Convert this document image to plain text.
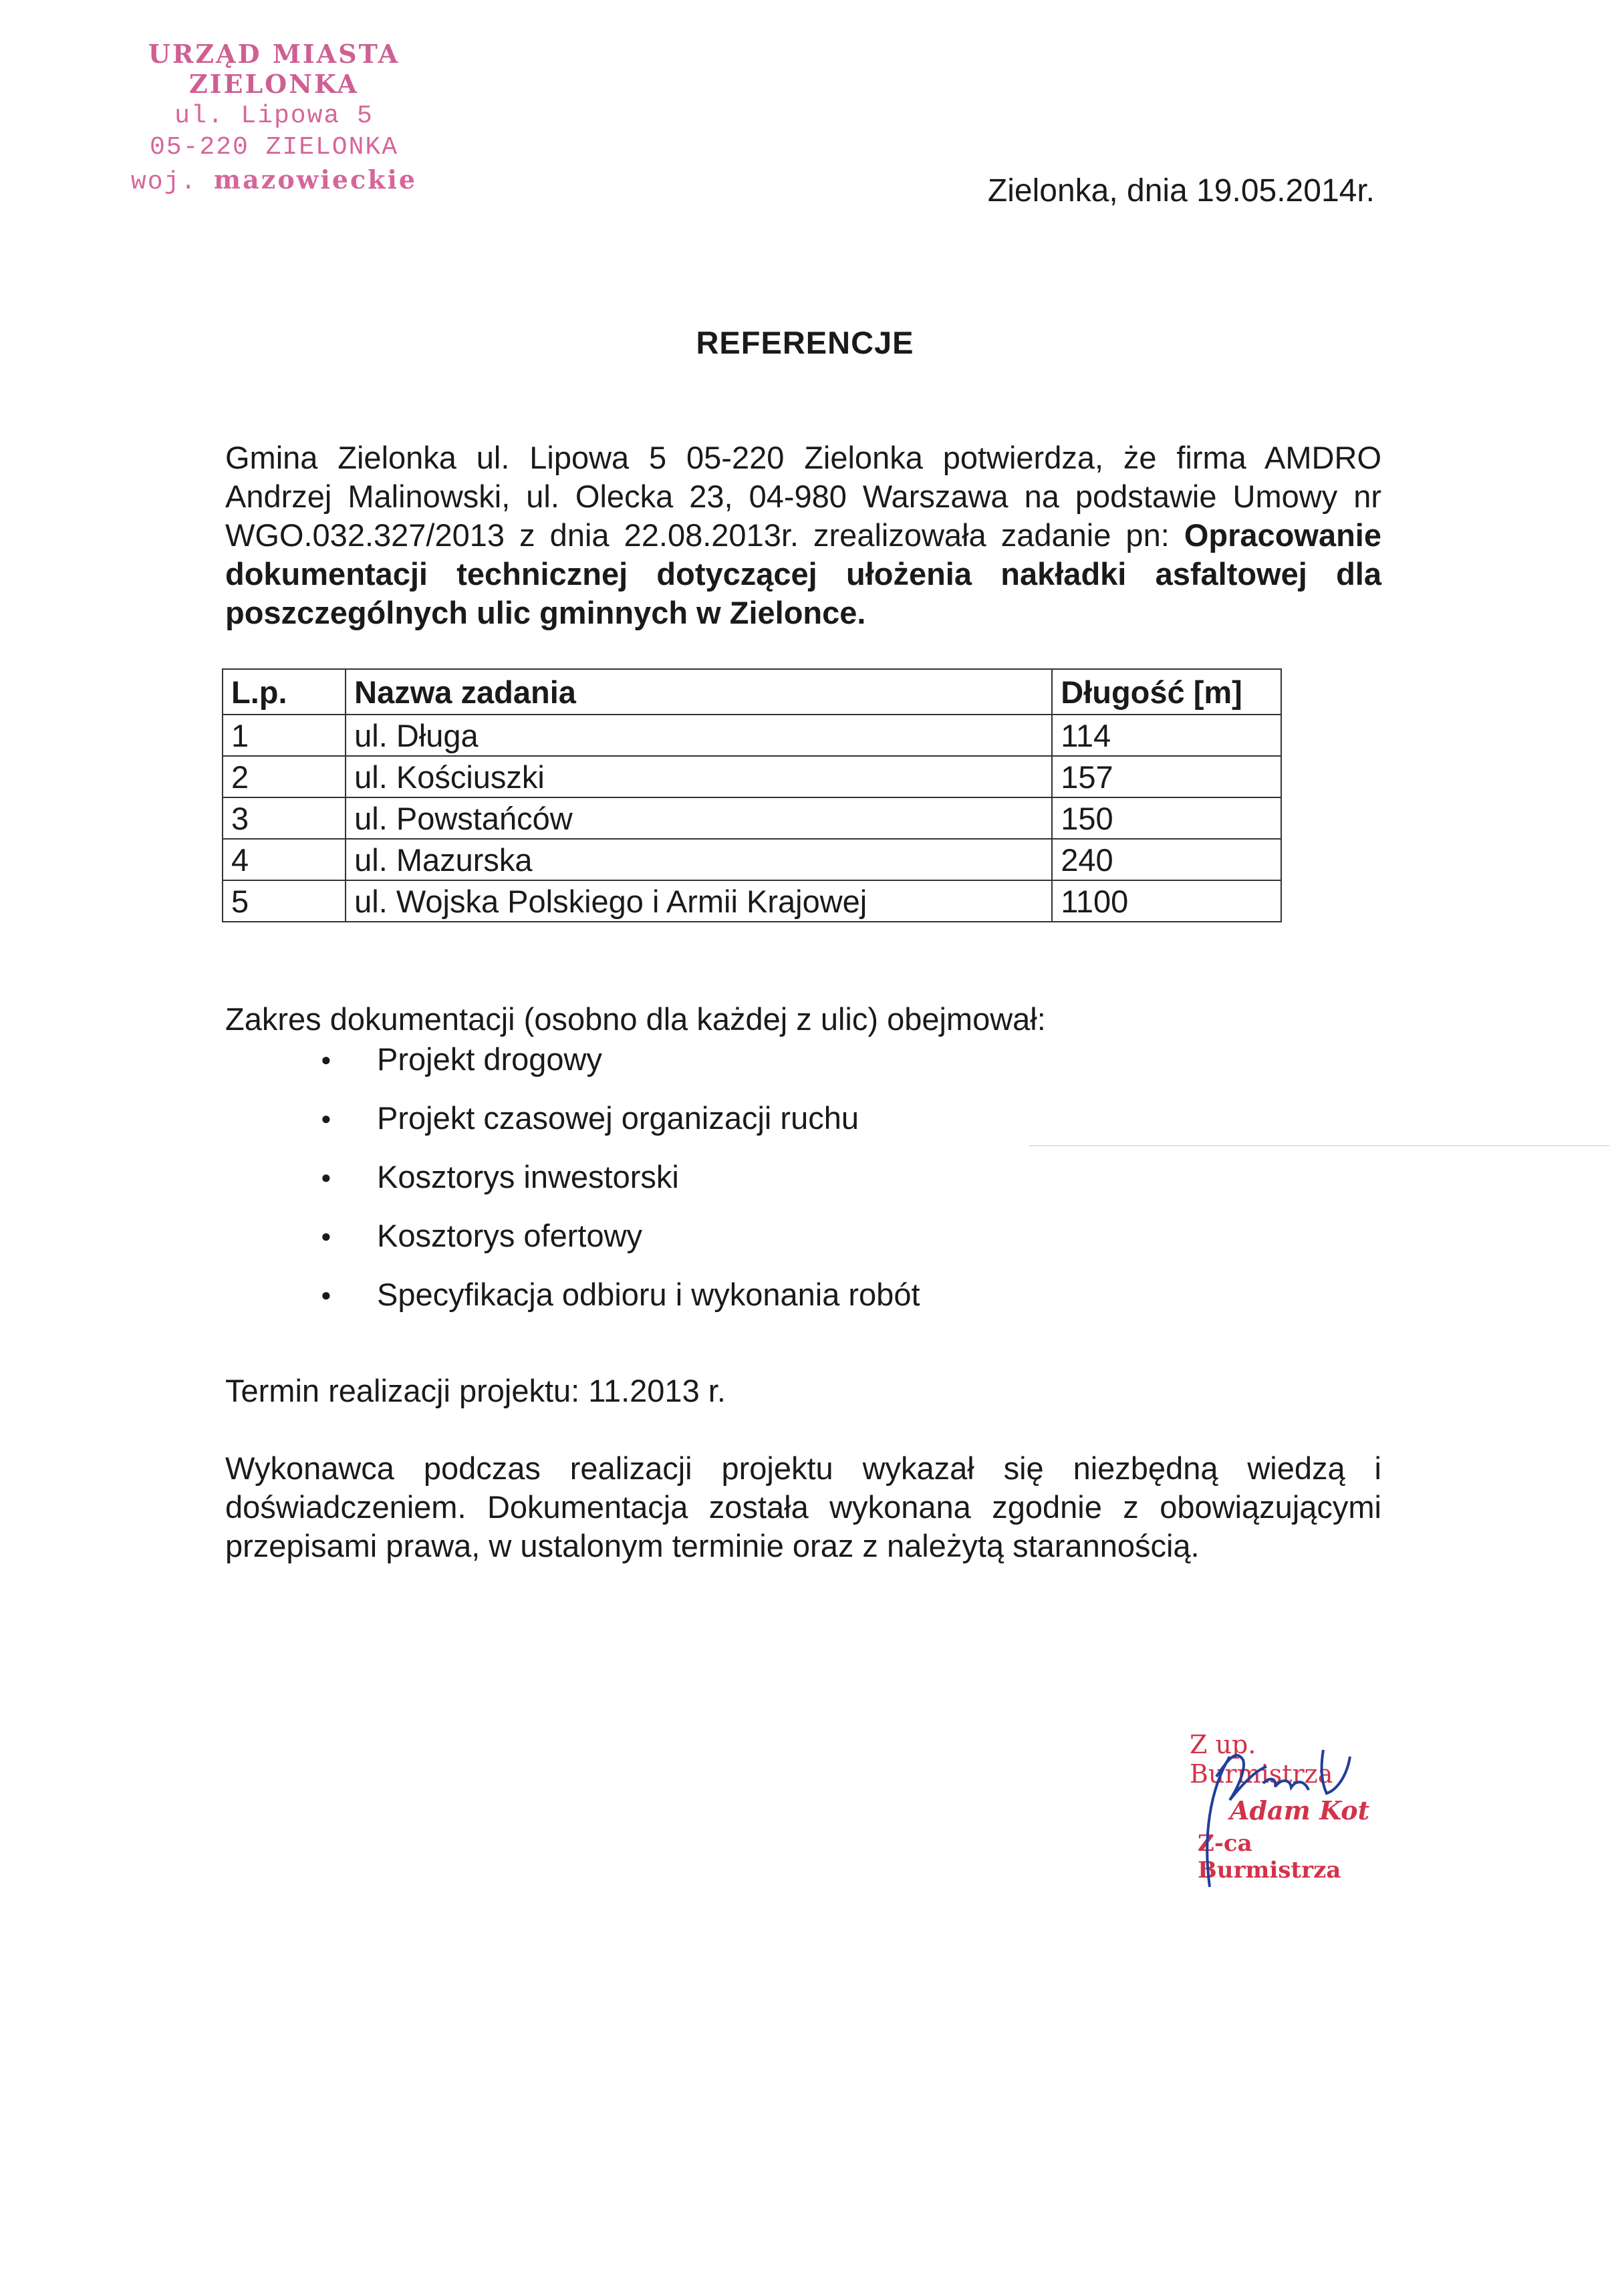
URZĄD MIASTA ZIELONKA
ul. Lipowa 5
05-220 ZIELONKA
woj. mazowieckie	Zielonka, dnia 19.05.2014r.
REFERENCJE
Gmina Zielonka ul. Lipowa 5 05-220 Zielonka potwierdza, że firma AMDRO Andrzej Malinowski, ul. Olecka 23, 04-980 Warszawa na podstawie Umowy nr WGO.032.327/2013 z dnia 22.08.2013r. zrealizowała zadanie pn: Opracowanie dokumentacji technicznej dotyczącej ułożenia nakładki asfaltowej dla poszczególnych ulic gminnych w Zielonce.
L.p.	Nazwa zadania	Długość [m]
1	ul. Długa	114
2	ul. Kościuszki	157
3	ul. Powstańców	150
4	ul. Mazurska	240
5	ul. Wojska Polskiego i Armii Krajowej	1100
Zakres dokumentacji (osobno dla każdej z ulic) obejmował:
● Projekt drogowy
● Projekt czasowej organizacji ruchu
● Kosztorys inwestorski
● Kosztorys ofertowy
● Specyfikacja odbioru i wykonania robót
Termin realizacji projektu: 11.2013 r.
Wykonawca podczas realizacji projektu wykazał się niezbędną wiedzą i doświadczeniem. Dokumentacja została wykonana zgodnie z obowiązującymi przepisami prawa, w ustalonym terminie oraz z należytą starannością.
Z up. Burmistrza
Adam Kot
Z-ca Burmistrza
